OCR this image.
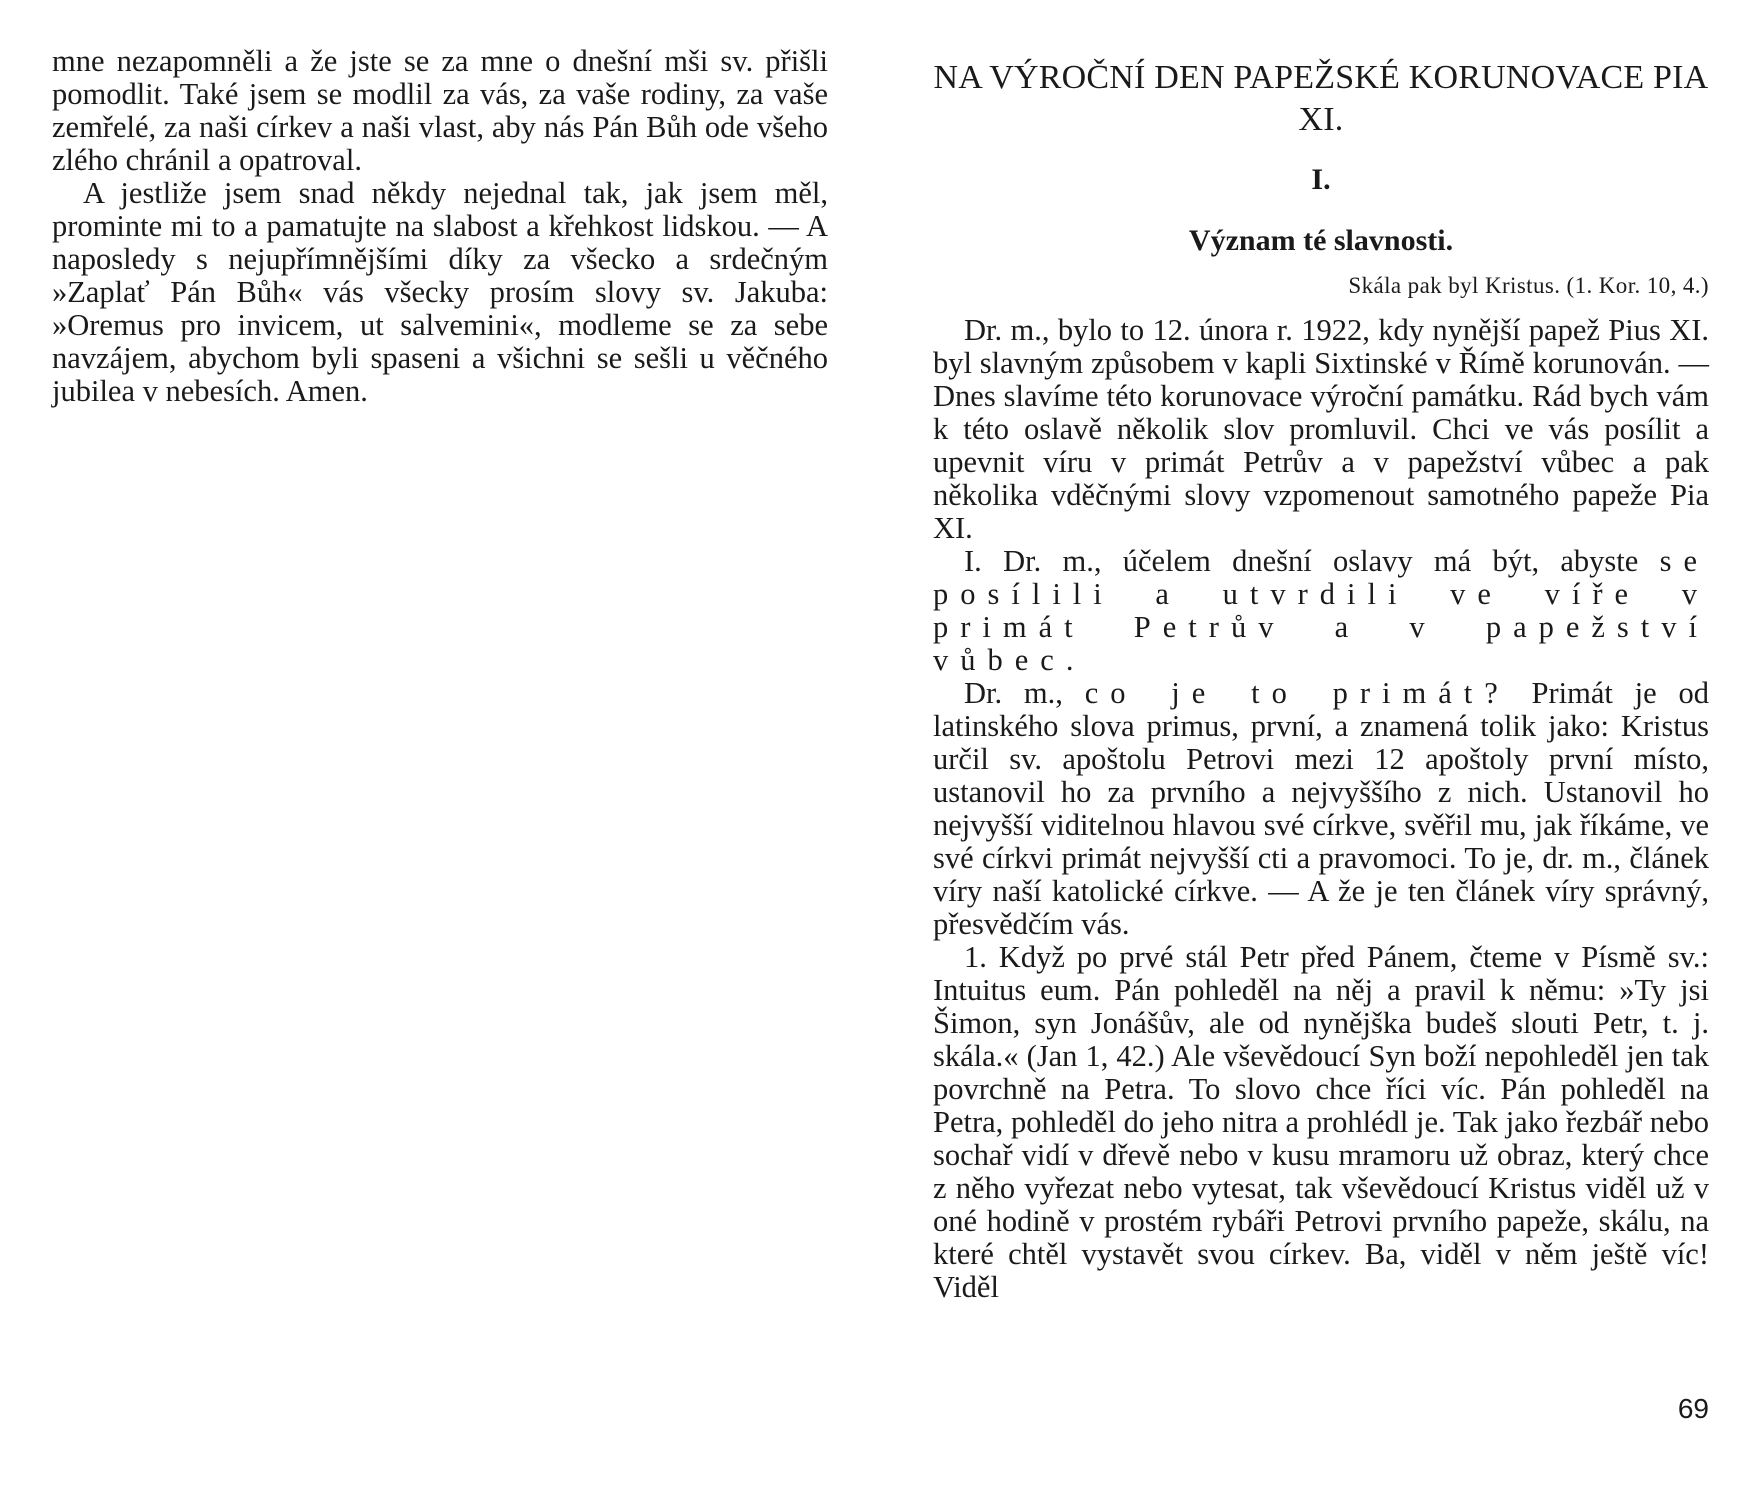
mne nezapomněli a že jste se za mne o dnešní mši sv. přišli pomodlit. Také jsem se modlil za vás, za vaše rodiny, za vaše zemřelé, za naši církev a naši vlast, aby nás Pán Bůh ode všeho zlého chránil a opatroval.

A jestliže jsem snad někdy nejednal tak, jak jsem měl, prominte mi to a pamatujte na slabost a křehkost lidskou. — A naposledy s nejupřímnějšími díky za všecko a srdečným »Zaplať Pán Bůh« vás všecky prosím slovy sv. Jakuba: »Oremus pro invicem, ut salvemini«, modleme se za sebe navzájem, abychom byli spaseni a všichni se sešli u věčného jubilea v nebesích. Amen.

NA VÝROČNÍ DEN PAPEŽSKÉ KORUNOVACE PIA XI.
I.
Význam té slavnosti.
Skála pak byl Kristus. (1. Kor. 10, 4.)

Dr. m., bylo to 12. února r. 1922, kdy nynější papež Pius XI. byl slavným způsobem v kapli Sixtinské v Římě korunován. — Dnes slavíme této korunovace výroční památku. Rád bych vám k této oslavě několik slov promluvil. Chci ve vás posílit a upevnit víru v primát Petrův a v papežství vůbec a pak několika vděčnými slovy vzpomenout samotného papeže Pia XI.

I. Dr. m., účelem dnešní oslavy má být, abyste se posílili a utvrdili ve víře v primát Petrův a v papežství vůbec.

Dr. m., co je to primát? Primát je od latinského slova primus, první, a znamená tolik jako: Kristus určil sv. apoštolu Petrovi mezi 12 apoštoly první místo, ustanovil ho za prvního a nejvyššího z nich. Ustanovil ho nejvyšší viditelnou hlavou své církve, svěřil mu, jak říkáme, ve své církvi primát nejvyšší cti a pravomoci. To je, dr. m., článek víry naší katolické církve. — A že je ten článek víry správný, přesvědčím vás.

1. Když po prvé stál Petr před Pánem, čteme v Písmě sv.: Intuitus eum. Pán pohleděl na něj a pravil k němu: »Ty jsi Šimon, syn Jonášův, ale od nynějška budeš slouti Petr, t. j. skála.« (Jan 1, 42.) Ale vševědoucí Syn boží nepohleděl jen tak povrchně na Petra. To slovo chce říci víc. Pán pohleděl na Petra, pohleděl do jeho nitra a prohlédl je. Tak jako řezbář nebo sochař vidí v dřevě nebo v kusu mramoru už obraz, který chce z něho vyřezat nebo vytesat, tak vševědoucí Kristus viděl už v oné hodině v prostém rybáři Petrovi prvního papeže, skálu, na které chtěl vystavět svou církev. Ba, viděl v něm ještě víc! Viděl

69
